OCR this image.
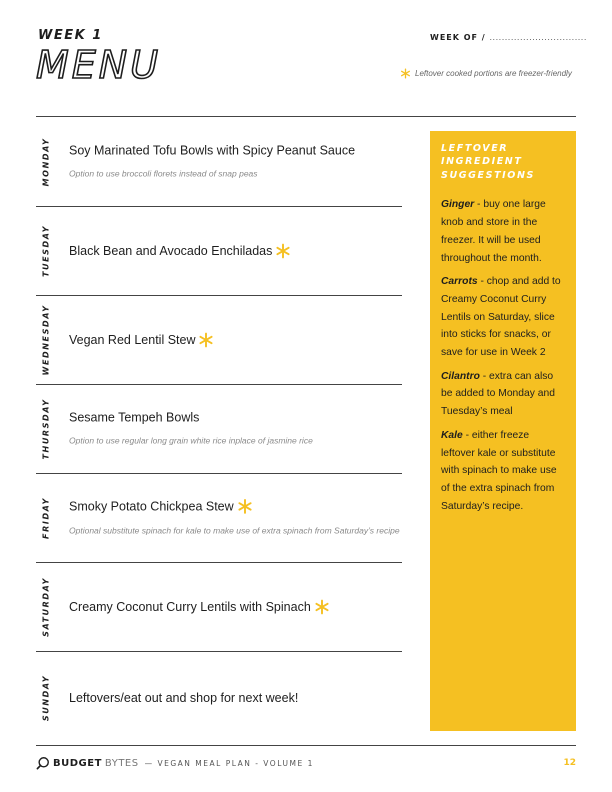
WEEK 1
MENU
WEEK OF / ................................
Leftover cooked portions are freezer-friendly
MONDAY Soy Marinated Tofu Bowls with Spicy Peanut Sauce
Option to use broccoli florets instead of snap peas
TUESDAY Black Bean and Avocado Enchiladas
WEDNESDAY Vegan Red Lentil Stew
THURSDAY Sesame Tempeh Bowls
Option to use regular long grain white rice inplace of jasmine rice
FRIDAY Smoky Potato Chickpea Stew
Optional substitute spinach for kale to make use of extra spinach from Saturday’s recipe
SATURDAY Creamy Coconut Curry Lentils with Spinach
SUNDAY Leftovers/eat out and shop for next week!
LEFTOVER INGREDIENT SUGGESTIONS
Ginger - buy one large knob and store in the freezer. It will be used throughout the month.
Carrots - chop and add to Creamy Coconut Curry Lentils on Saturday, slice into sticks for snacks, or save for use in Week 2
Cilantro - extra can also be added to Monday and Tuesday’s meal
Kale - either freeze leftover kale or substitute with spinach to make use of the extra spinach from Saturday’s recipe.
BUDGET BYTES — VEGAN MEAL PLAN - VOLUME 1	12
